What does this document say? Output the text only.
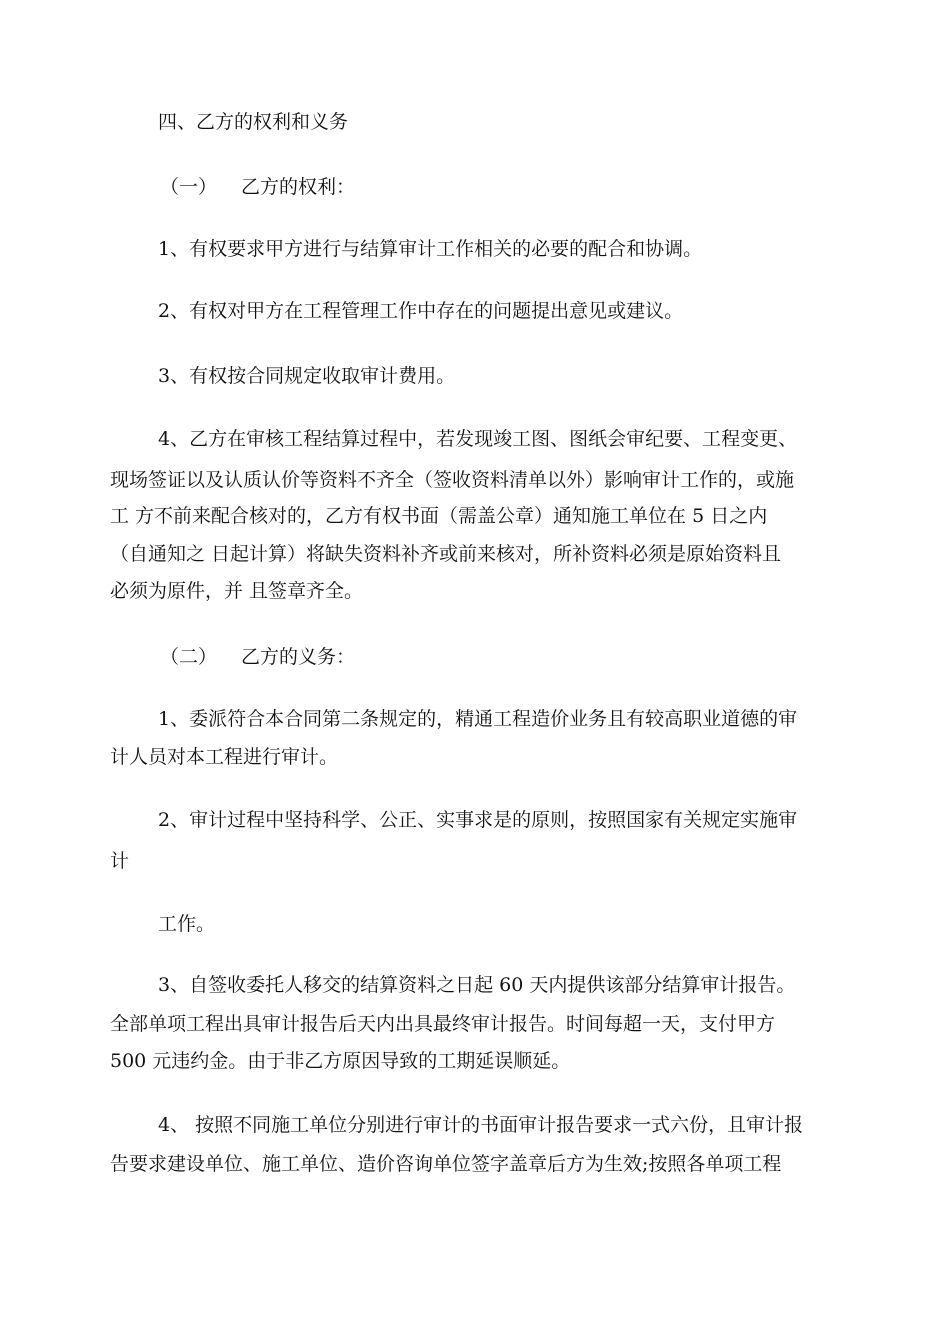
四、乙方的权利和义务
（一） 乙方的权利：
1、有权要求甲方进行与结算审计工作相关的必要的配合和协调。
2、有权对甲方在工程管理工作中存在的问题提出意见或建议。
3、有权按合同规定收取审计费用。
4、乙方在审核工程结算过程中，若发现竣工图、图纸会审纪要、工程变更、
现场签证以及认质认价等资料不齐全（签收资料清单以外）影响审计工作的，或施
工 方不前来配合核对的，乙方有权书面（需盖公章）通知施工单位在 5 日之内
（自通知之 日起计算）将缺失资料补齐或前来核对，所补资料必须是原始资料且
必须为原件，并 且签章齐全。
（二） 乙方的义务：
1、委派符合本合同第二条规定的，精通工程造价业务且有较高职业道德的审
计人员对本工程进行审计。
2、审计过程中坚持科学、公正、实事求是的原则，按照国家有关规定实施审
计
工作。
3、自签收委托人移交的结算资料之日起 60 天内提供该部分结算审计报告。
全部单项工程出具审计报告后天内出具最终审计报告。时间每超一天，支付甲方
500 元违约金。由于非乙方原因导致的工期延误顺延。
4、 按照不同施工单位分别进行审计的书面审计报告要求一式六份，且审计报
告要求建设单位、施工单位、造价咨询单位签字盖章后方为生效;按照各单项工程
